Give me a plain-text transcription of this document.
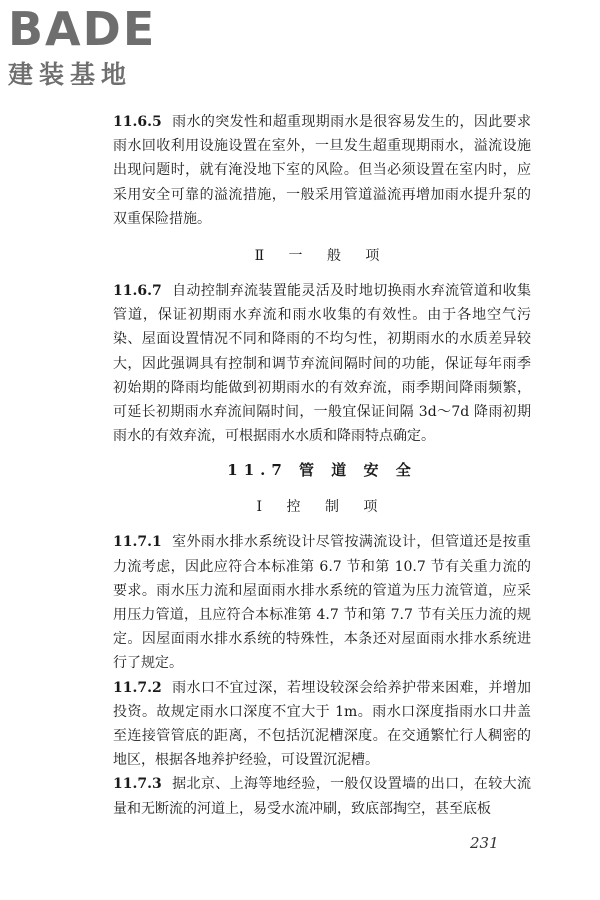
BADE
建装基地

11.6.5 雨水的突发性和超重现期雨水是很容易发生的，因此要求雨水回收利用设施设置在室外，一旦发生超重现期雨水，溢流设施出现问题时，就有淹没地下室的风险。但当必须设置在室内时，应采用安全可靠的溢流措施，一般采用管道溢流再增加雨水提升泵的双重保险措施。

Ⅱ 一 般 项

11.6.7 自动控制弃流装置能灵活及时地切换雨水弃流管道和收集管道，保证初期雨水弃流和雨水收集的有效性。由于各地空气污染、屋面设置情况不同和降雨的不均匀性，初期雨水的水质差异较大，因此强调具有控制和调节弃流间隔时间的功能，保证每年雨季初始期的降雨均能做到初期雨水的有效弃流，雨季期间降雨频繁，可延长初期雨水弃流间隔时间，一般宜保证间隔 3d～7d 降雨初期雨水的有效弃流，可根据雨水水质和降雨特点确定。

11.7 管 道 安 全
Ⅰ 控 制 项

11.7.1 室外雨水排水系统设计尽管按满流设计，但管道还是按重力流考虑，因此应符合本标准第 6.7 节和第 10.7 节有关重力流的要求。雨水压力流和屋面雨水排水系统的管道为压力流管道，应采用压力管道，且应符合本标准第 4.7 节和第 7.7 节有关压力流的规定。因屋面雨水排水系统的特殊性，本条还对屋面雨水排水系统进行了规定。

11.7.2 雨水口不宜过深，若埋设较深会给养护带来困难，并增加投资。故规定雨水口深度不宜大于 1m。雨水口深度指雨水口井盖至连接管管底的距离，不包括沉泥槽深度。在交通繁忙行人稠密的地区，根据各地养护经验，可设置沉泥槽。

11.7.3 据北京、上海等地经验，一般仅设置墙的出口，在较大流量和无断流的河道上，易受水流冲刷，致底部掏空，甚至底板

231
